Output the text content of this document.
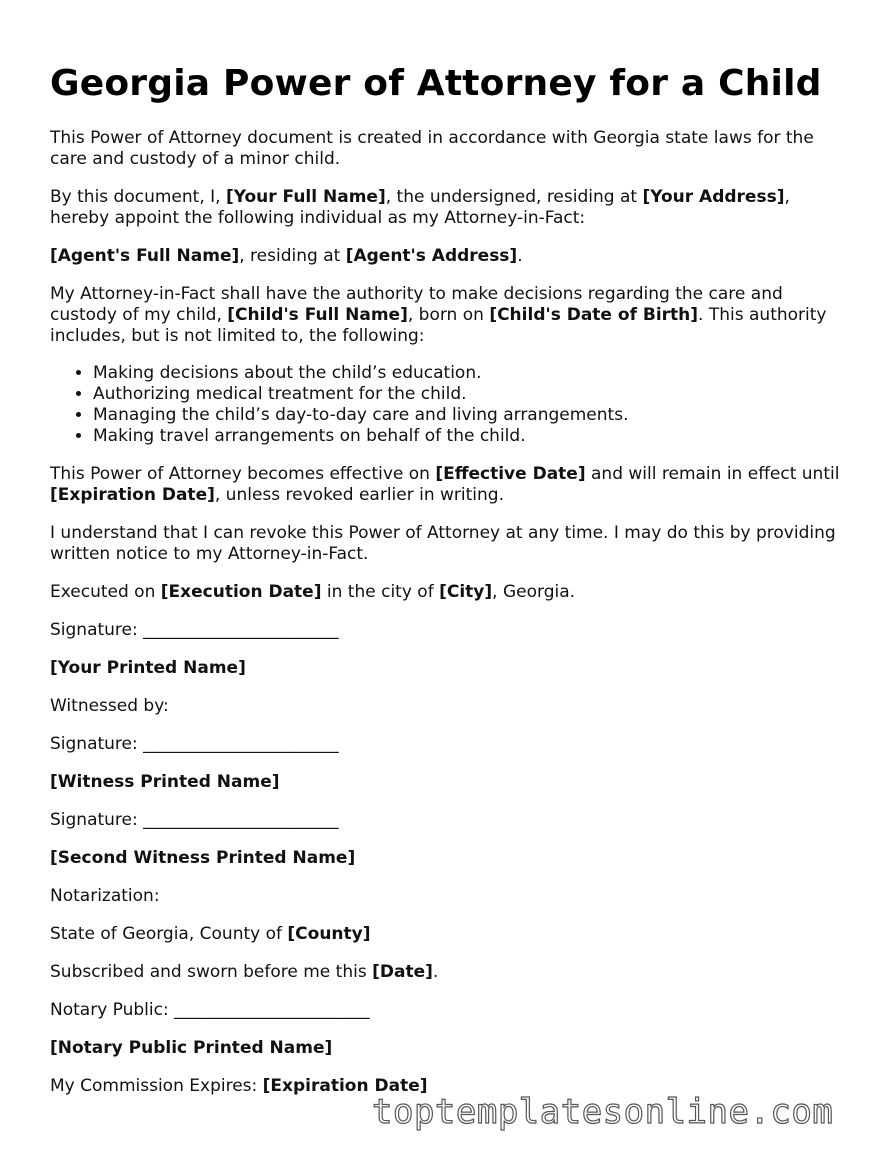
Georgia Power of Attorney for a Child

This Power of Attorney document is created in accordance with Georgia state laws for the care and custody of a minor child.

By this document, I, [Your Full Name], the undersigned, residing at [Your Address], hereby appoint the following individual as my Attorney-in-Fact:

[Agent's Full Name], residing at [Agent's Address].

My Attorney-in-Fact shall have the authority to make decisions regarding the care and custody of my child, [Child's Full Name], born on [Child's Date of Birth]. This authority includes, but is not limited to, the following:

• Making decisions about the child’s education.
• Authorizing medical treatment for the child.
• Managing the child’s day-to-day care and living arrangements.
• Making travel arrangements on behalf of the child.

This Power of Attorney becomes effective on [Effective Date] and will remain in effect until [Expiration Date], unless revoked earlier in writing.

I understand that I can revoke this Power of Attorney at any time. I may do this by providing written notice to my Attorney-in-Fact.

Executed on [Execution Date] in the city of [City], Georgia.

Signature: _______________________

[Your Printed Name]

Witnessed by:

Signature: _______________________

[Witness Printed Name]

Signature: _______________________

[Second Witness Printed Name]

Notarization:

State of Georgia, County of [County]

Subscribed and sworn before me this [Date].

Notary Public: _______________________

[Notary Public Printed Name]

My Commission Expires: [Expiration Date]

toptemplatesonline.com
